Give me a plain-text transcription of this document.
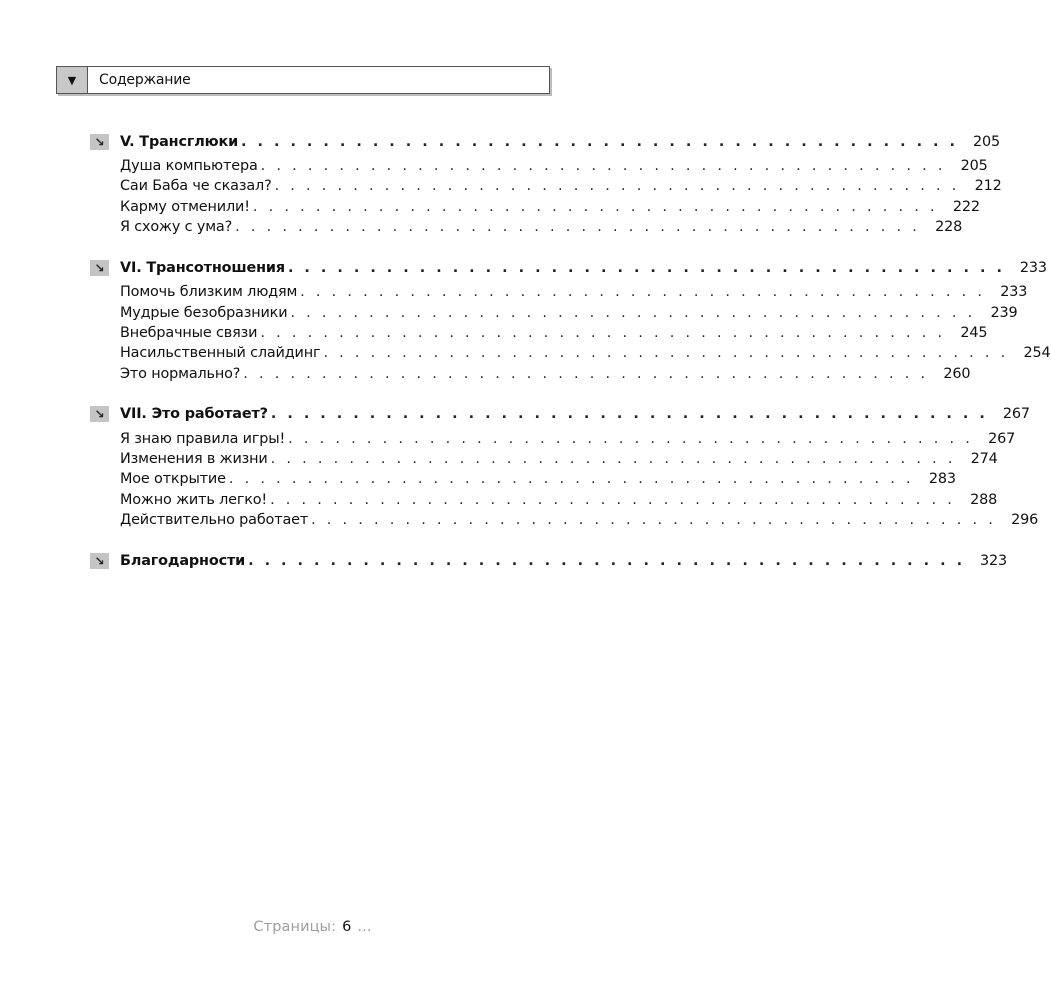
▼	Содержание
↘	V. Трансглюки . . . . . . . . . . . . . . . . . . . . . . . . . . . . . . . . . . . . . . . . . . . . 205
Душа компьютера . . . . . . . . . . . . . . . . . . . . . . . . . . . . . . . . . . . . . . . . . . . . 205
Саи Баба че сказал? . . . . . . . . . . . . . . . . . . . . . . . . . . . . . . . . . . . . . . . . . . . . 212
Карму отменили! . . . . . . . . . . . . . . . . . . . . . . . . . . . . . . . . . . . . . . . . . . . . 222
Я схожу с ума? . . . . . . . . . . . . . . . . . . . . . . . . . . . . . . . . . . . . . . . . . . . . 228
↘	VI. Трансотношения . . . . . . . . . . . . . . . . . . . . . . . . . . . . . . . . . . . . . . . . . . . . 233
Помочь близким людям . . . . . . . . . . . . . . . . . . . . . . . . . . . . . . . . . . . . . . . . . . . . 233
Мудрые безобразники . . . . . . . . . . . . . . . . . . . . . . . . . . . . . . . . . . . . . . . . . . . . 239
Внебрачные связи . . . . . . . . . . . . . . . . . . . . . . . . . . . . . . . . . . . . . . . . . . . . 245
Насильственный слайдинг . . . . . . . . . . . . . . . . . . . . . . . . . . . . . . . . . . . . . . . . . . . . 254
Это нормально? . . . . . . . . . . . . . . . . . . . . . . . . . . . . . . . . . . . . . . . . . . . . 260
↘	VII. Это работает? . . . . . . . . . . . . . . . . . . . . . . . . . . . . . . . . . . . . . . . . . . . . 267
Я знаю правила игры! . . . . . . . . . . . . . . . . . . . . . . . . . . . . . . . . . . . . . . . . . . . . 267
Изменения в жизни . . . . . . . . . . . . . . . . . . . . . . . . . . . . . . . . . . . . . . . . . . . . 274
Мое открытие . . . . . . . . . . . . . . . . . . . . . . . . . . . . . . . . . . . . . . . . . . . . 283
Можно жить легко! . . . . . . . . . . . . . . . . . . . . . . . . . . . . . . . . . . . . . . . . . . . . 288
Действительно работает . . . . . . . . . . . . . . . . . . . . . . . . . . . . . . . . . . . . . . . . . . . . 296
↘	Благодарности . . . . . . . . . . . . . . . . . . . . . . . . . . . . . . . . . . . . . . . . . . . . 323
Страницы: 6 ...
